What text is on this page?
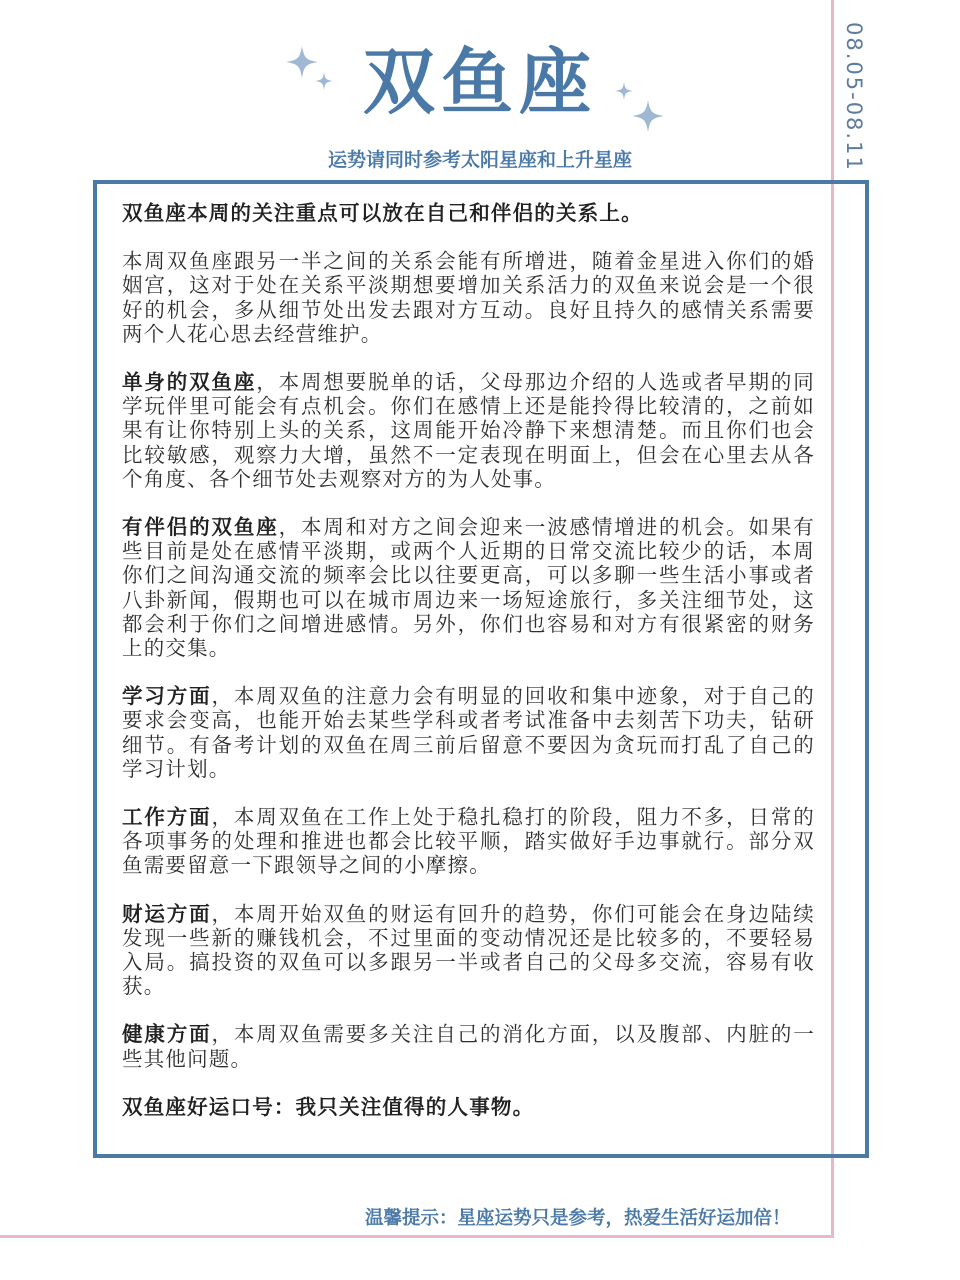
08.05-08.11
双鱼座
运势请同时参考太阳星座和上升星座

双鱼座本周的关注重点可以放在自己和伴侣的关系上。

本周双鱼座跟另一半之间的关系会能有所增进，随着金星进入你们的婚姻宫，这对于处在关系平淡期想要增加关系活力的双鱼来说会是一个很好的机会，多从细节处出发去跟对方互动。良好且持久的感情关系需要两个人花心思去经营维护。

单身的双鱼座，本周想要脱单的话，父母那边介绍的人选或者早期的同学玩伴里可能会有点机会。你们在感情上还是能拎得比较清的，之前如果有让你特别上头的关系，这周能开始冷静下来想清楚。而且你们也会比较敏感，观察力大增，虽然不一定表现在明面上，但会在心里去从各个角度、各个细节处去观察对方的为人处事。

有伴侣的双鱼座，本周和对方之间会迎来一波感情增进的机会。如果有些目前是处在感情平淡期，或两个人近期的日常交流比较少的话，本周你们之间沟通交流的频率会比以往要更高，可以多聊一些生活小事或者八卦新闻，假期也可以在城市周边来一场短途旅行，多关注细节处，这都会利于你们之间增进感情。另外，你们也容易和对方有很紧密的财务上的交集。

学习方面，本周双鱼的注意力会有明显的回收和集中迹象，对于自己的要求会变高，也能开始去某些学科或者考试准备中去刻苦下功夫，钻研细节。有备考计划的双鱼在周三前后留意不要因为贪玩而打乱了自己的学习计划。

工作方面，本周双鱼在工作上处于稳扎稳打的阶段，阻力不多，日常的各项事务的处理和推进也都会比较平顺，踏实做好手边事就行。部分双鱼需要留意一下跟领导之间的小摩擦。

财运方面，本周开始双鱼的财运有回升的趋势，你们可能会在身边陆续发现一些新的赚钱机会，不过里面的变动情况还是比较多的，不要轻易入局。搞投资的双鱼可以多跟另一半或者自己的父母多交流，容易有收获。

健康方面，本周双鱼需要多关注自己的消化方面，以及腹部、内脏的一些其他问题。

双鱼座好运口号：我只关注值得的人事物。

温馨提示：星座运势只是参考，热爱生活好运加倍！
